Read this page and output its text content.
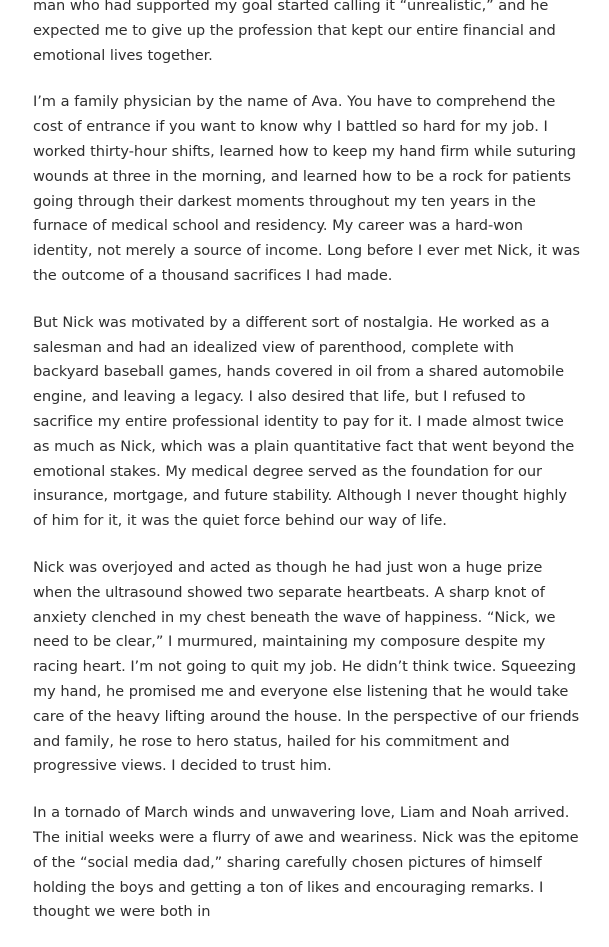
man who had supported my goal started calling it “unrealistic,” and he expected me to give up the profession that kept our entire financial and emotional lives together.

I’m a family physician by the name of Ava. You have to comprehend the cost of entrance if you want to know why I battled so hard for my job. I worked thirty-hour shifts, learned how to keep my hand firm while suturing wounds at three in the morning, and learned how to be a rock for patients going through their darkest moments throughout my ten years in the furnace of medical school and residency. My career was a hard-won identity, not merely a source of income. Long before I ever met Nick, it was the outcome of a thousand sacrifices I had made.

But Nick was motivated by a different sort of nostalgia. He worked as a salesman and had an idealized view of parenthood, complete with backyard baseball games, hands covered in oil from a shared automobile engine, and leaving a legacy. I also desired that life, but I refused to sacrifice my entire professional identity to pay for it. I made almost twice as much as Nick, which was a plain quantitative fact that went beyond the emotional stakes. My medical degree served as the foundation for our insurance, mortgage, and future stability. Although I never thought highly of him for it, it was the quiet force behind our way of life.

Nick was overjoyed and acted as though he had just won a huge prize when the ultrasound showed two separate heartbeats. A sharp knot of anxiety clenched in my chest beneath the wave of happiness. “Nick, we need to be clear,” I murmured, maintaining my composure despite my racing heart. I’m not going to quit my job. He didn’t think twice. Squeezing my hand, he promised me and everyone else listening that he would take care of the heavy lifting around the house. In the perspective of our friends and family, he rose to hero status, hailed for his commitment and progressive views. I decided to trust him.

In a tornado of March winds and unwavering love, Liam and Noah arrived. The initial weeks were a flurry of awe and weariness. Nick was the epitome of the “social media dad,” sharing carefully chosen pictures of himself holding the boys and getting a ton of likes and encouraging remarks. I thought we were both in
